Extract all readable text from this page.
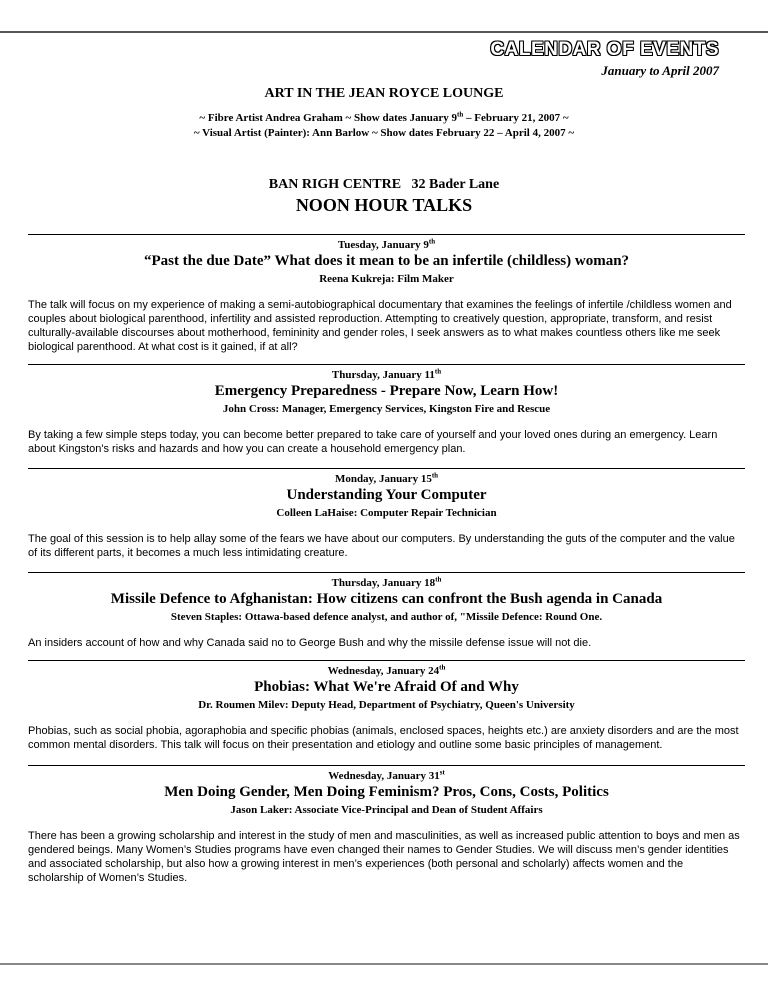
CALENDAR OF EVENTS
January to April 2007
ART IN THE JEAN ROYCE LOUNGE
~ Fibre Artist Andrea Graham ~ Show dates January 9th – February 21, 2007 ~
~ Visual Artist (Painter): Ann Barlow ~ Show dates February 22 – April 4, 2007 ~
BAN RIGH CENTRE 32 Bader Lane
NOON HOUR TALKS
Tuesday, January 9th
“Past the due Date” What does it mean to be an infertile (childless) woman?
Reena Kukreja: Film Maker
The talk will focus on my experience of making a semi-autobiographical documentary that examines the feelings of infertile /childless women and couples about biological parenthood, infertility and assisted reproduction. Attempting to creatively question, appropriate, transform, and resist culturally-available discourses about motherhood, femininity and gender roles, I seek answers as to what makes countless others like me seek biological parenthood. At what cost is it gained, if at all?
Thursday, January 11th
Emergency Preparedness - Prepare Now, Learn How!
John Cross: Manager, Emergency Services, Kingston Fire and Rescue
By taking a few simple steps today, you can become better prepared to take care of yourself and your loved ones during an emergency. Learn about Kingston's risks and hazards and how you can create a household emergency plan.
Monday, January 15th
Understanding Your Computer
Colleen LaHaise: Computer Repair Technician
The goal of this session is to help allay some of the fears we have about our computers. By understanding the guts of the computer and the value of its different parts, it becomes a much less intimidating creature.
Thursday, January 18th
Missile Defence to Afghanistan: How citizens can confront the Bush agenda in Canada
Steven Staples: Ottawa-based defence analyst, and author of, "Missile Defence: Round One.
An insiders account of how and why Canada said no to George Bush and why the missile defense issue will not die.
Wednesday, January 24th
Phobias: What We're Afraid Of and Why
Dr. Roumen Milev: Deputy Head, Department of Psychiatry, Queen's University
Phobias, such as social phobia, agoraphobia and specific phobias (animals, enclosed spaces, heights etc.) are anxiety disorders and are the most common mental disorders. This talk will focus on their presentation and etiology and outline some basic principles of management.
Wednesday, January 31st
Men Doing Gender, Men Doing Feminism? Pros, Cons, Costs, Politics
Jason Laker: Associate Vice-Principal and Dean of Student Affairs
There has been a growing scholarship and interest in the study of men and masculinities, as well as increased public attention to boys and men as gendered beings. Many Women’s Studies programs have even changed their names to Gender Studies. We will discuss men’s gender identities and associated scholarship, but also how a growing interest in men’s experiences (both personal and scholarly) affects women and the scholarship of Women’s Studies.
